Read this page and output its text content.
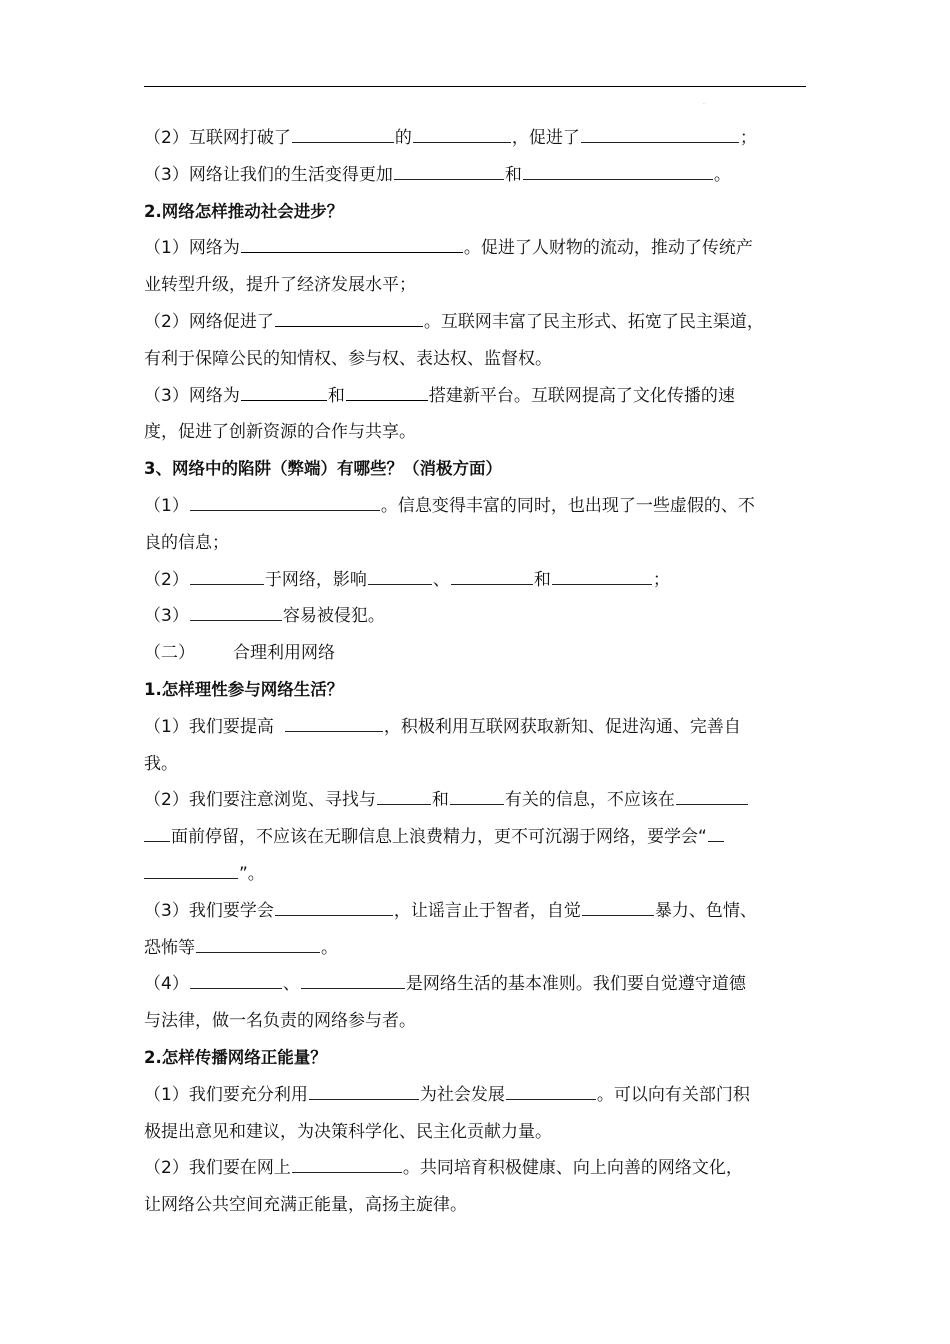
.
（2）互联网打破了	的	，促进了	；
（3）网络让我们的生活变得更加	和	。
2.网络怎样推动社会进步？
（1）网络为	。促进了人财物的流动，推动了传统产
业转型升级，提升了经济发展水平；
（2）网络促进了	。互联网丰富了民主形式、拓宽了民主渠道，
有利于保障公民的知情权、参与权、表达权、监督权。
（3）网络为	和	搭建新平台。互联网提高了文化传播的速
度，促进了创新资源的合作与共享。
3、网络中的陷阱（弊端）有哪些？（消极方面）
（1）	。信息变得丰富的同时，也出现了一些虚假的、不
良的信息；
（2）	于网络，影响	、	和	；
（3）	容易被侵犯。
（二） 合理利用网络
1.怎样理性参与网络生活？
（1）我们要提高	，积极利用互联网获取新知、促进沟通、完善自
我。
（2）我们要注意浏览、寻找与	和	有关的信息，不应该在
面前停留，不应该在无聊信息上浪费精力，更不可沉溺于网络，要学会“
”。
（3）我们要学会	，让谣言止于智者，自觉	暴力、色情、
恐怖等	。
（4）	、	是网络生活的基本准则。我们要自觉遵守道德
与法律，做一名负责的网络参与者。
2.怎样传播网络正能量？
（1）我们要充分利用	为社会发展	。可以向有关部门积
极提出意见和建议，为决策科学化、民主化贡献力量。
（2）我们要在网上	。共同培育积极健康、向上向善的网络文化，
让网络公共空间充满正能量，高扬主旋律。
